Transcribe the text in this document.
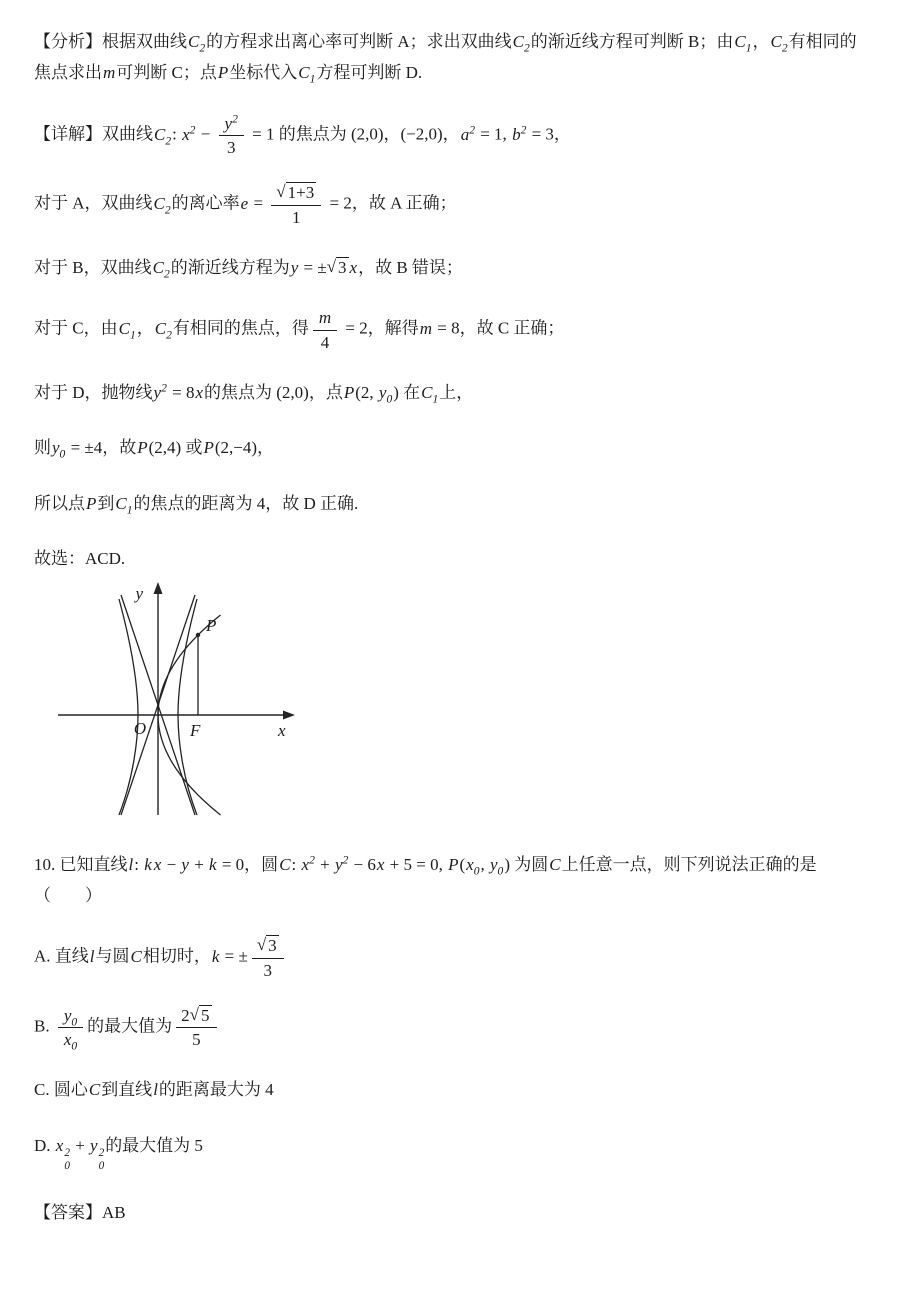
【分析】根据双曲线$C_2$的方程求出离心率可判断 A；求出双曲线$C_2$的渐近线方程可判断 B；由$C_1$，$C_2$有相同的焦点求出m可判断 C；点P坐标代入$C_1$方程可判断 D.
【详解】双曲线$C_2$: $x^2 - \frac{y^2}{3} = 1$ 的焦点为 (2,0)，(−2,0)，$a^2 = 1$, $b^2 = 3$，
对于 A，双曲线$C_2$的离心率$e = \frac{√ 1+3}{1} = 2$，故 A 正确；
对于 B，双曲线$C_2$的渐近线方程为y = ±√ 3 x，故 B 错误；
对于 C，由$C_1$，$C_2$有相同的焦点，得 $\frac{m}{4} = 2$，解得m = 8，故 C 正确；
对于 D，抛物线$y^2 = 8x$的焦点为 (2,0)，点P(2, $y_0$) 在$C_1$上，
则$y_0 = \pm 4$，故P(2,4) 或P(2,−4)，
所以点P到$C_1$的焦点的距离为 4，故 D 正确.
故选：ACD.
y
x
O	F
P
10. 已知直线l: k x − y + k = 0，圆C: $x^2 + y^2 - 6x + 5 = 0$, $P(x_0$, $y_0$) 为圆C上任意一点，则下列说法正确的是（　　）
A. 直线l与圆C相切时，k = ± $\frac{√ 3}{3}$
B. $\frac{y_0}{x_0}$ 的最大值为 $\frac{2√ 5}{5}$
C. 圆心C到直线l的距离最大为 4
D. x 2
0
+ y 2
0
的最大值为 5
【答案】AB
